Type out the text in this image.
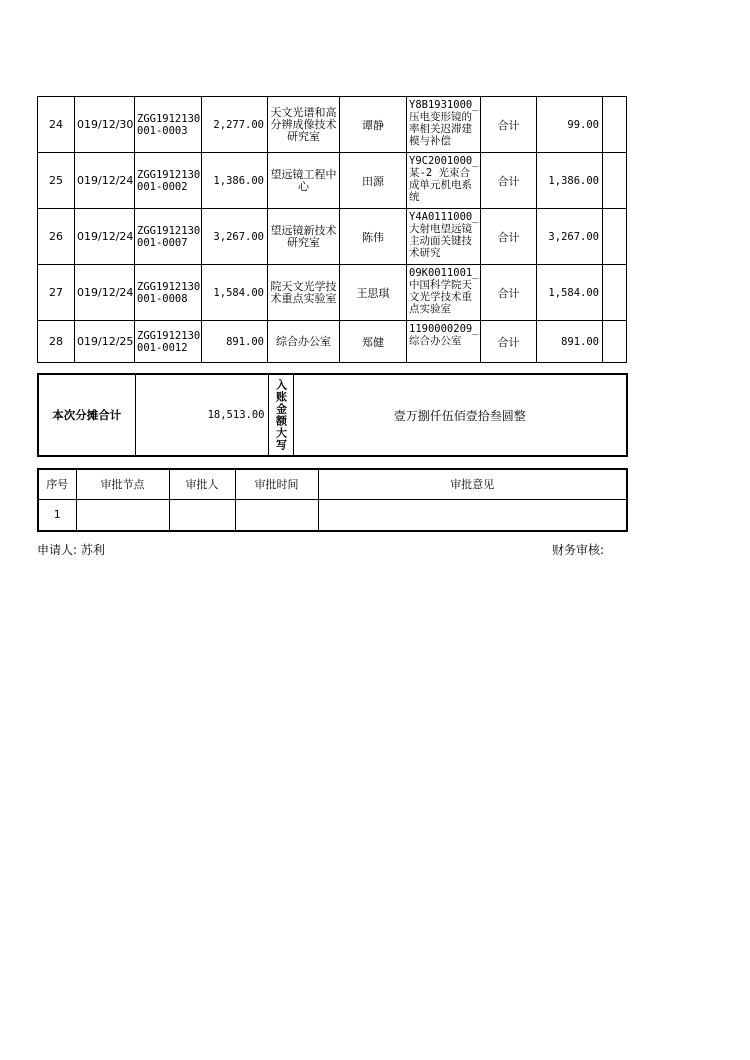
24	019/12/30	ZGG1912130001-0003	2,277.00	天文光谱和高分辨成像技术研究室	谭静	Y8B1931000_压电变形镜的率相关迟滞建模与补偿	合计	99.00	
25	019/12/24	ZGG1912130001-0002	1,386.00	望远镜工程中心	田源	Y9C2001000_某-2 光束合成单元机电系统	合计	1,386.00	
26	019/12/24	ZGG1912130001-0007	3,267.00	望远镜新技术研究室	陈伟	Y4A0111000_大射电望远镜主动面关键技术研究	合计	3,267.00	
27	019/12/24	ZGG1912130001-0008	1,584.00	院天文光学技术重点实验室	王思琪	09K0011001_中国科学院天文光学技术重点实验室	合计	1,584.00	
28	019/12/25	ZGG1912130001-0012	891.00	综合办公室	郑健	1190000209_综合办公室	合计	891.00	
本次分摊合计	18,513.00	入账金额大写	壹万捌仟伍佰壹拾叁圆整
序号	审批节点	审批人	审批时间	审批意见
1				
申请人: 苏利	财务审核:
